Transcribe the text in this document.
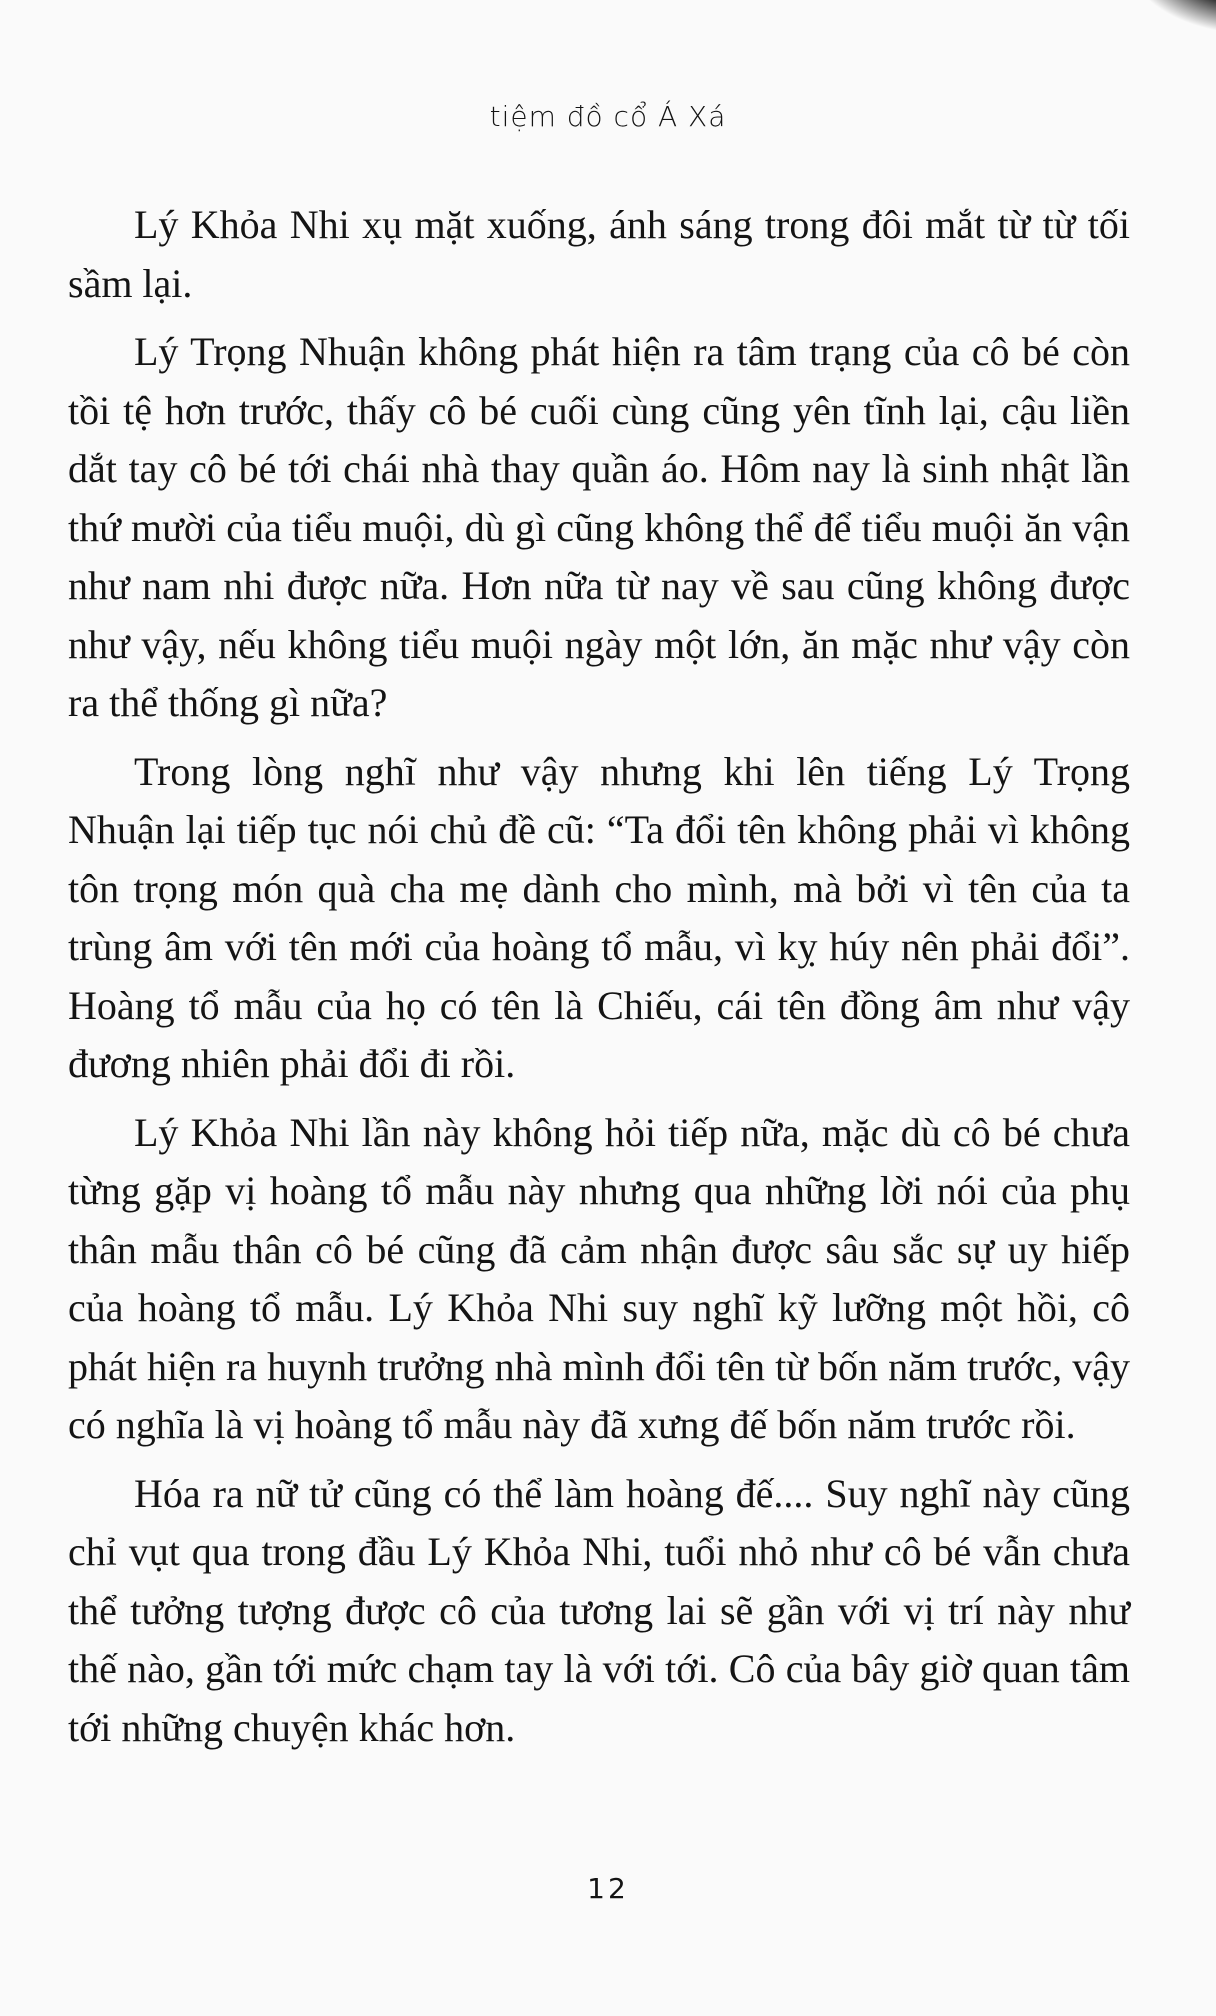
tiệm đồ cổ Á Xá

Lý Khỏa Nhi xụ mặt xuống, ánh sáng trong đôi mắt từ từ tối sầm lại.

Lý Trọng Nhuận không phát hiện ra tâm trạng của cô bé còn tồi tệ hơn trước, thấy cô bé cuối cùng cũng yên tĩnh lại, cậu liền dắt tay cô bé tới chái nhà thay quần áo. Hôm nay là sinh nhật lần thứ mười của tiểu muội, dù gì cũng không thể để tiểu muội ăn vận như nam nhi được nữa. Hơn nữa từ nay về sau cũng không được như vậy, nếu không tiểu muội ngày một lớn, ăn mặc như vậy còn ra thể thống gì nữa?

Trong lòng nghĩ như vậy nhưng khi lên tiếng Lý Trọng Nhuận lại tiếp tục nói chủ đề cũ: “Ta đổi tên không phải vì không tôn trọng món quà cha mẹ dành cho mình, mà bởi vì tên của ta trùng âm với tên mới của hoàng tổ mẫu, vì kỵ húy nên phải đổi”. Hoàng tổ mẫu của họ có tên là Chiếu, cái tên đồng âm như vậy đương nhiên phải đổi đi rồi.

Lý Khỏa Nhi lần này không hỏi tiếp nữa, mặc dù cô bé chưa từng gặp vị hoàng tổ mẫu này nhưng qua những lời nói của phụ thân mẫu thân cô bé cũng đã cảm nhận được sâu sắc sự uy hiếp của hoàng tổ mẫu. Lý Khỏa Nhi suy nghĩ kỹ lưỡng một hồi, cô phát hiện ra huynh trưởng nhà mình đổi tên từ bốn năm trước, vậy có nghĩa là vị hoàng tổ mẫu này đã xưng đế bốn năm trước rồi.

Hóa ra nữ tử cũng có thể làm hoàng đế.... Suy nghĩ này cũng chỉ vụt qua trong đầu Lý Khỏa Nhi, tuổi nhỏ như cô bé vẫn chưa thể tưởng tượng được cô của tương lai sẽ gần với vị trí này như thế nào, gần tới mức chạm tay là với tới. Cô của bây giờ quan tâm tới những chuyện khác hơn.

12
